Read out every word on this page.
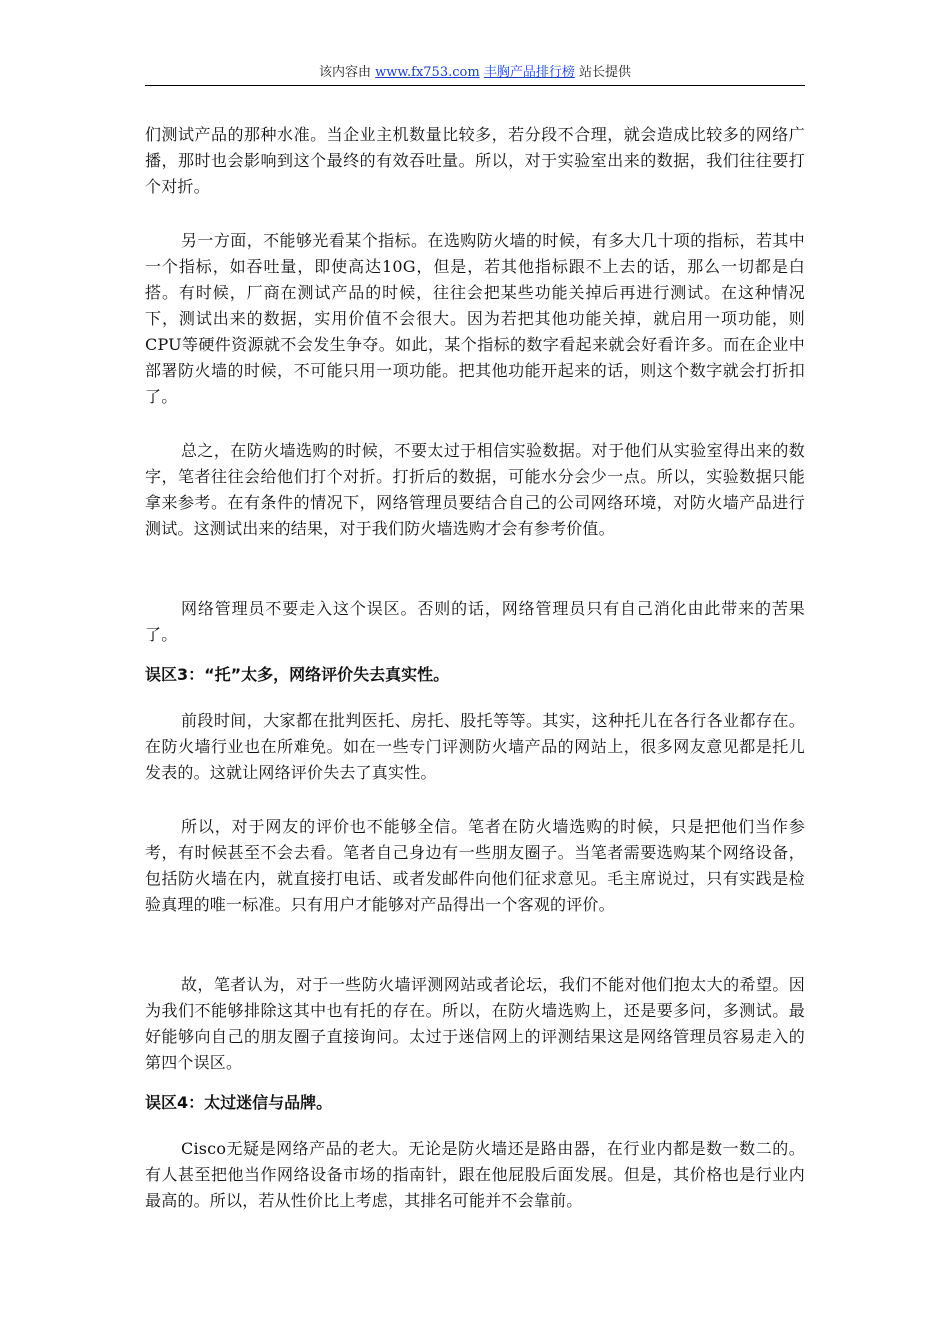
该内容由 www.fx753.com 丰胸产品排行榜 站长提供

们测试产品的那种水准。当企业主机数量比较多，若分段不合理，就会造成比较多的网络广播，那时也会影响到这个最终的有效吞吐量。所以，对于实验室出来的数据，我们往往要打个对折。

另一方面，不能够光看某个指标。在选购防火墙的时候，有多大几十项的指标，若其中一个指标，如吞吐量，即使高达10G，但是，若其他指标跟不上去的话，那么一切都是白搭。有时候，厂商在测试产品的时候，往往会把某些功能关掉后再进行测试。在这种情况下，测试出来的数据，实用价值不会很大。因为若把其他功能关掉，就启用一项功能，则CPU等硬件资源就不会发生争夺。如此，某个指标的数字看起来就会好看许多。而在企业中部署防火墙的时候，不可能只用一项功能。把其他功能开起来的话，则这个数字就会打折扣了。

总之，在防火墙选购的时候，不要太过于相信实验数据。对于他们从实验室得出来的数字，笔者往往会给他们打个对折。打折后的数据，可能水分会少一点。所以，实验数据只能拿来参考。在有条件的情况下，网络管理员要结合自己的公司网络环境，对防火墙产品进行测试。这测试出来的结果，对于我们防火墙选购才会有参考价值。

网络管理员不要走入这个误区。否则的话，网络管理员只有自己消化由此带来的苦果了。

误区3：“托”太多，网络评价失去真实性。

前段时间，大家都在批判医托、房托、股托等等。其实，这种托儿在各行各业都存在。在防火墙行业也在所难免。如在一些专门评测防火墙产品的网站上，很多网友意见都是托儿发表的。这就让网络评价失去了真实性。

所以，对于网友的评价也不能够全信。笔者在防火墙选购的时候，只是把他们当作参考，有时候甚至不会去看。笔者自己身边有一些朋友圈子。当笔者需要选购某个网络设备，包括防火墙在内，就直接打电话、或者发邮件向他们征求意见。毛主席说过，只有实践是检验真理的唯一标准。只有用户才能够对产品得出一个客观的评价。

故，笔者认为，对于一些防火墙评测网站或者论坛，我们不能对他们抱太大的希望。因为我们不能够排除这其中也有托的存在。所以，在防火墙选购上，还是要多问，多测试。最好能够向自己的朋友圈子直接询问。太过于迷信网上的评测结果这是网络管理员容易走入的第四个误区。

误区4：太过迷信与品牌。

Cisco无疑是网络产品的老大。无论是防火墙还是路由器，在行业内都是数一数二的。有人甚至把他当作网络设备市场的指南针，跟在他屁股后面发展。但是，其价格也是行业内最高的。所以，若从性价比上考虑，其排名可能并不会靠前。
